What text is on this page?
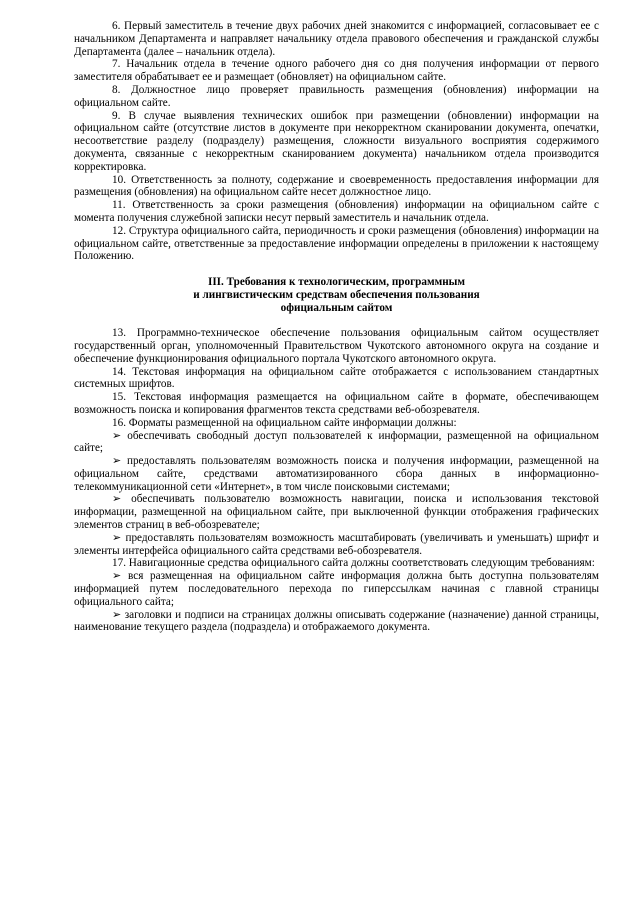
6. Первый заместитель в течение двух рабочих дней знакомится с информацией, согласовывает ее с начальником Департамента и направляет начальнику отдела правового обеспечения и гражданской службы Департамента (далее – начальник отдела).

7. Начальник отдела в течение одного рабочего дня со дня получения информации от первого заместителя обрабатывает ее и размещает (обновляет) на официальном сайте.

8. Должностное лицо проверяет правильность размещения (обновления) информации на официальном сайте.

9. В случае выявления технических ошибок при размещении (обновлении) информации на официальном сайте (отсутствие листов в документе при некорректном сканировании документа, опечатки, несоответствие разделу (подразделу) размещения, сложности визуального восприятия содержимого документа, связанные с некорректным сканированием документа) начальником отдела производится корректировка.

10. Ответственность за полноту, содержание и своевременность предоставления информации для размещения (обновления) на официальном сайте несет должностное лицо.

11. Ответственность за сроки размещения (обновления) информации на официальном сайте с момента получения служебной записки несут первый заместитель и начальник отдела.

12. Структура официального сайта, периодичность и сроки размещения (обновления) информации на официальном сайте, ответственные за предоставление информации определены в приложении к настоящему Положению.

III. Требования к технологическим, программным
и лингвистическим средствам обеспечения пользования
официальным сайтом

13. Программно-техническое обеспечение пользования официальным сайтом осуществляет государственный орган, уполномоченный Правительством Чукотского автономного округа на создание и обеспечение функционирования официального портала Чукотского автономного округа.

14. Текстовая информация на официальном сайте отображается с использованием стандартных системных шрифтов.

15. Текстовая информация размещается на официальном сайте в формате, обеспечивающем возможность поиска и копирования фрагментов текста средствами веб-обозревателя.

16. Форматы размещенной на официальном сайте информации должны:

➢ обеспечивать свободный доступ пользователей к информации, размещенной на официальном сайте;

➢ предоставлять пользователям возможность поиска и получения информации, размещенной на официальном сайте, средствами автоматизированного сбора данных в информационно-телекоммуникационной сети «Интернет», в том числе поисковыми системами;

➢ обеспечивать пользователю возможность навигации, поиска и использования текстовой информации, размещенной на официальном сайте, при выключенной функции отображения графических элементов страниц в веб-обозревателе;

➢ предоставлять пользователям возможность масштабировать (увеличивать и уменьшать) шрифт и элементы интерфейса официального сайта средствами веб-обозревателя.

17. Навигационные средства официального сайта должны соответствовать следующим требованиям:

➢ вся размещенная на официальном сайте информация должна быть доступна пользователям информацией путем последовательного перехода по гиперссылкам начиная с главной страницы официального сайта;

➢ заголовки и подписи на страницах должны описывать содержание (назначение) данной страницы, наименование текущего раздела (подраздела) и отображаемого документа.
